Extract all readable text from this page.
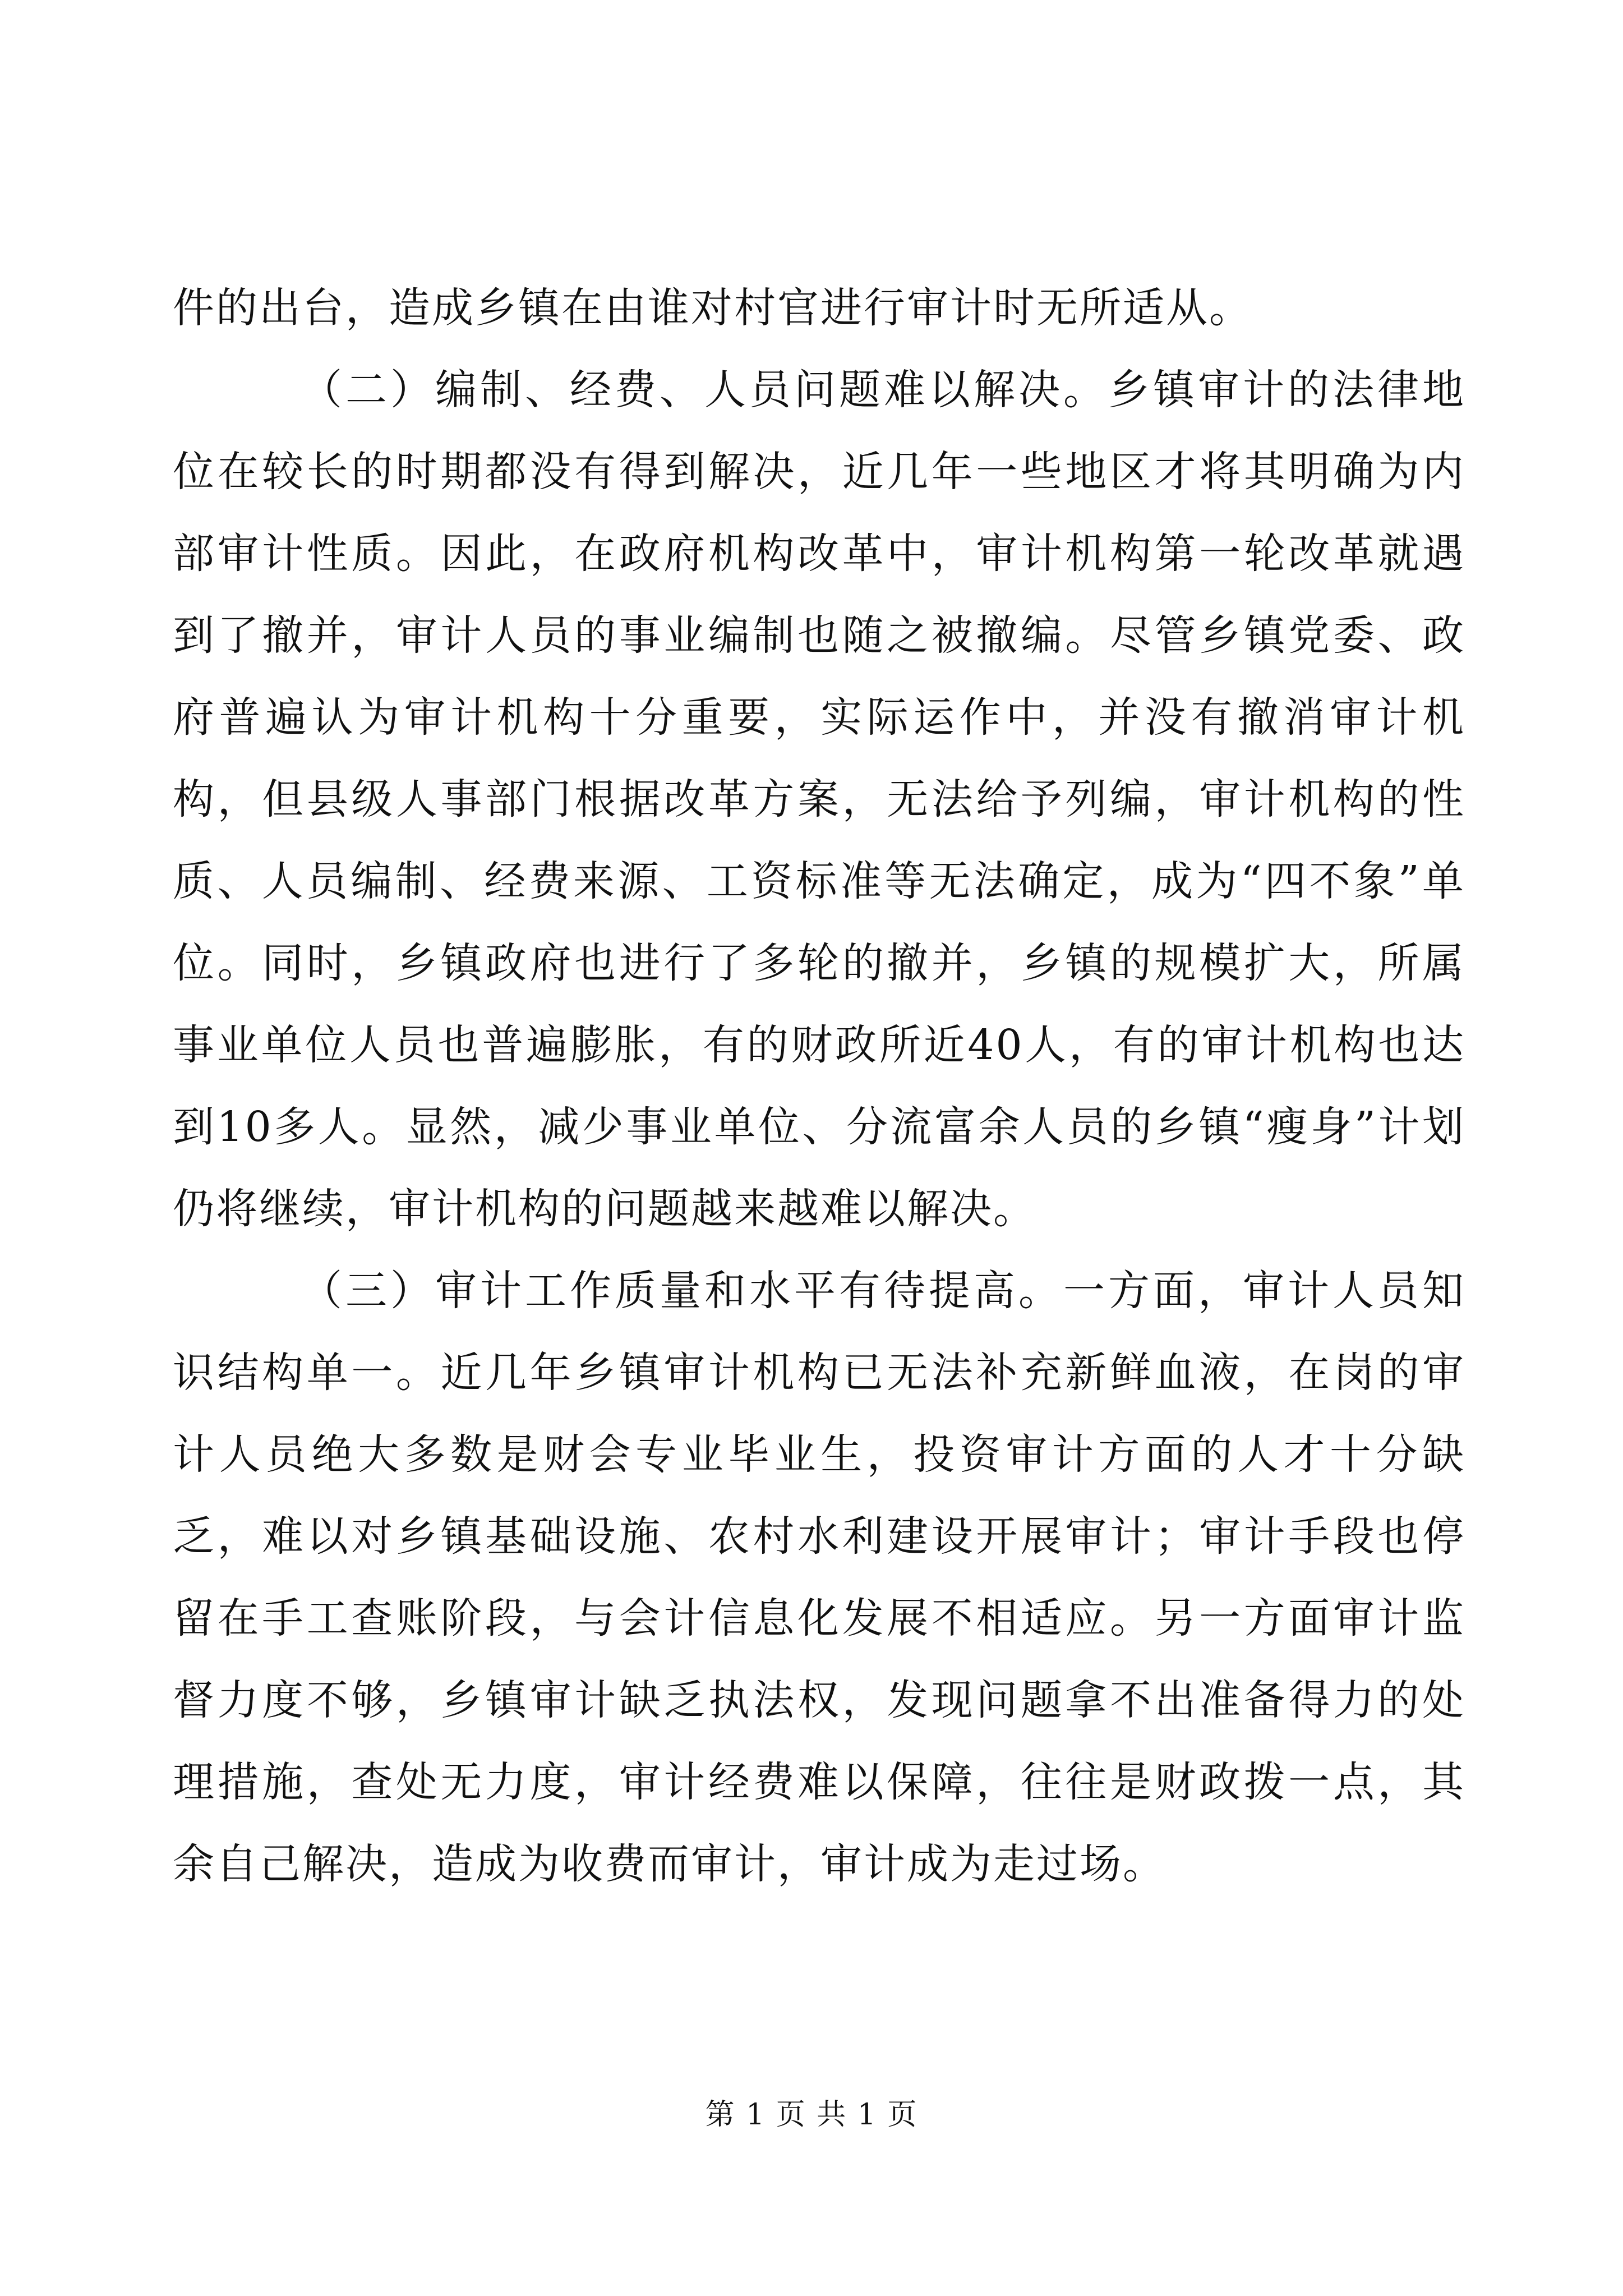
件的出台，造成乡镇在由谁对村官进行审计时无所适从。

（二）编制、经费、人员问题难以解决。乡镇审计的法律地位在较长的时期都没有得到解决，近几年一些地区才将其明确为内部审计性质。因此，在政府机构改革中，审计机构第一轮改革就遇到了撤并，审计人员的事业编制也随之被撤编。尽管乡镇党委、政府普遍认为审计机构十分重要，实际运作中，并没有撤消审计机构，但县级人事部门根据改革方案，无法给予列编，审计机构的性质、人员编制、经费来源、工资标准等无法确定，成为“四不象”单位。同时，乡镇政府也进行了多轮的撤并，乡镇的规模扩大，所属事业单位人员也普遍膨胀，有的财政所近40人，有的审计机构也达到10多人。显然，减少事业单位、分流富余人员的乡镇“瘦身”计划仍将继续，审计机构的问题越来越难以解决。

（三）审计工作质量和水平有待提高。一方面，审计人员知识结构单一。近几年乡镇审计机构已无法补充新鲜血液，在岗的审计人员绝大多数是财会专业毕业生，投资审计方面的人才十分缺乏，难以对乡镇基础设施、农村水利建设开展审计；审计手段也停留在手工查账阶段，与会计信息化发展不相适应。另一方面审计监督力度不够，乡镇审计缺乏执法权，发现问题拿不出准备得力的处理措施，查处无力度，审计经费难以保障，往往是财政拨一点，其余自己解决，造成为收费而审计，审计成为走过场。

第 1 页 共 1 页
